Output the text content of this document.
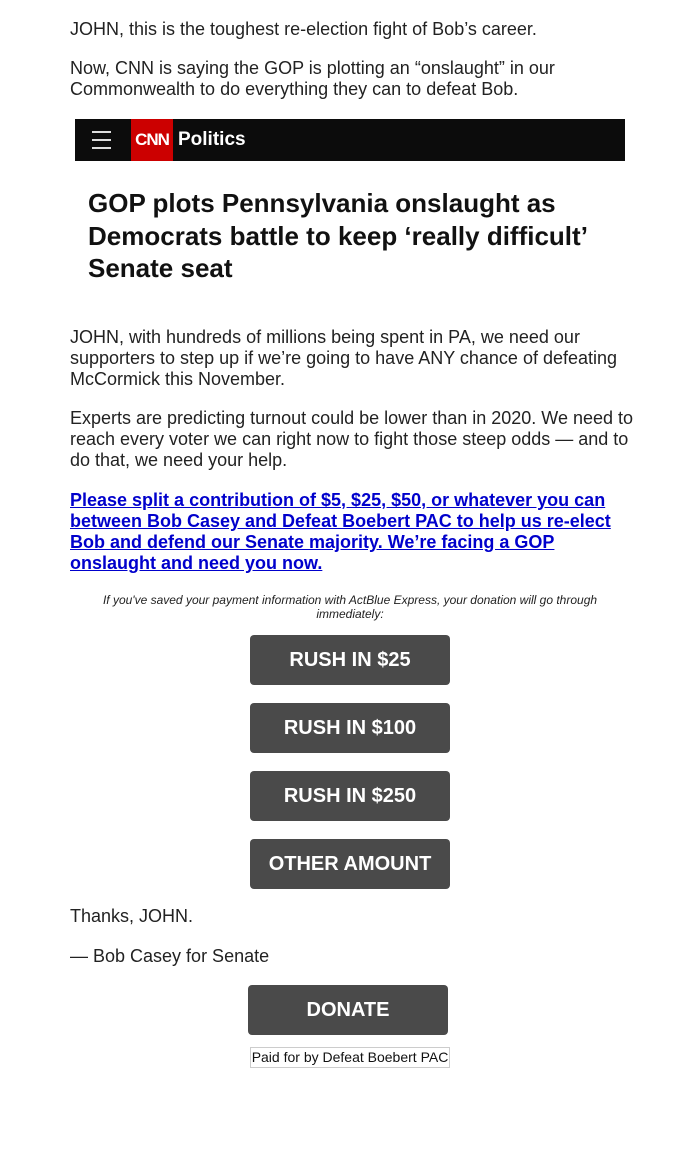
JOHN, this is the toughest re-election fight of Bob’s career.

Now, CNN is saying the GOP is plotting an “onslaught” in our Commonwealth to do everything they can to defeat Bob.

CNN Politics
GOP plots Pennsylvania onslaught as Democrats battle to keep ‘really difficult’ Senate seat

JOHN, with hundreds of millions being spent in PA, we need our supporters to step up if we’re going to have ANY chance of defeating McCormick this November.

Experts are predicting turnout could be lower than in 2020. We need to reach every voter we can right now to fight those steep odds — and to do that, we need your help.

Please split a contribution of $5, $25, $50, or whatever you can between Bob Casey and Defeat Boebert PAC to help us re-elect Bob and defend our Senate majority. We’re facing a GOP onslaught and need you now.

If you've saved your payment information with ActBlue Express, your donation will go through immediately:
RUSH IN $25
RUSH IN $100
RUSH IN $250
OTHER AMOUNT

Thanks, JOHN.

— Bob Casey for Senate

DONATE
Paid for by Defeat Boebert PAC
